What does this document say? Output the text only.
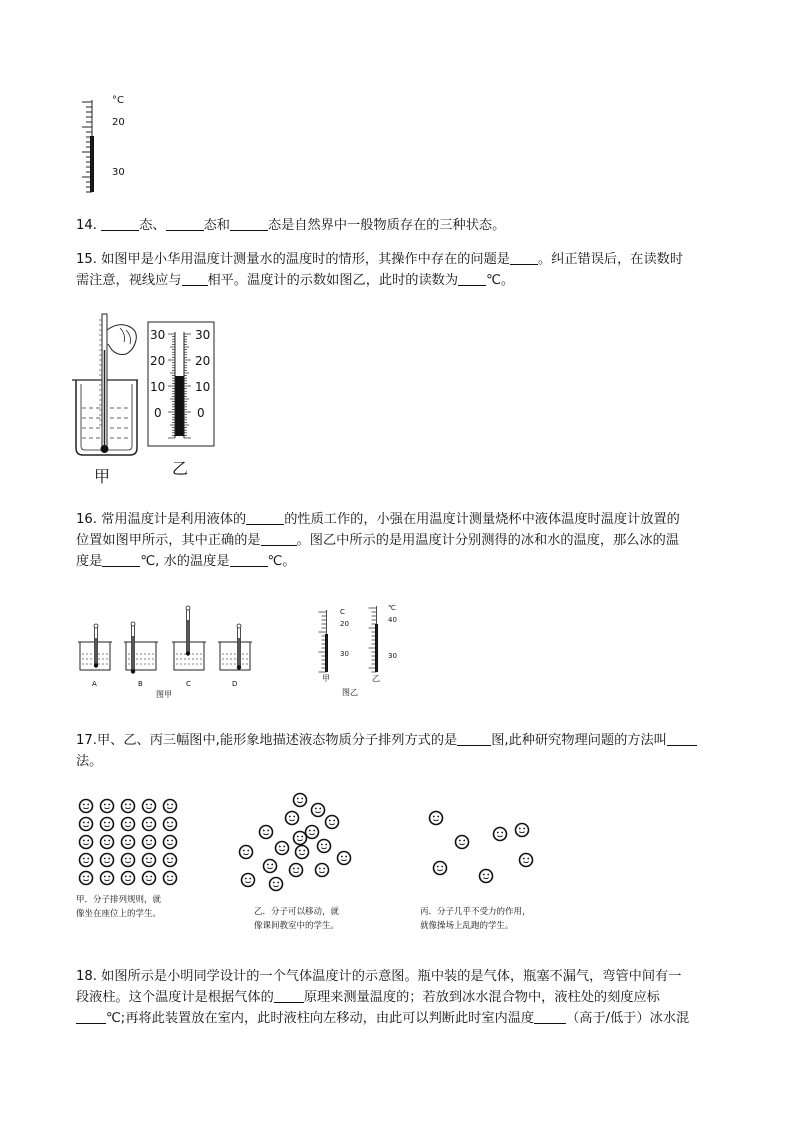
°C
20
30
14.	态、	态和	态是自然界中一般物质存在的三种状态。
15. 如图甲是小华用温度计测量水的温度时的情形，其操作中存在的问题是 。纠正错误后，在读数时
需注意，视线应与 相平。温度计的示数如图乙，此时的读数为 ℃。
30
20
10
0
30
20
10
0
甲	乙
16. 常用温度计是利用液体的	的性质工作的，小强在用温度计测量烧杯中液体温度时温度计放置的
位置如图甲所示，其中正确的是	。图乙中所示的是用温度计分别测得的冰和水的温度，那么冰的温
度是	℃, 水的温度是	℃。
A	B	C	D
图甲
C
20
30
℃
40
30
甲	乙
图乙
17.甲、乙、丙三幅图中,能形象地描述液态物质分子排列方式的是	图,此种研究物理问题的方法叫
法。
甲．分子排列规则，就
像坐在座位上的学生。	乙．分子可以移动，就
像课间教室中的学生。
丙．分子几乎不受力的作用，
就像操场上乱跑的学生。
18. 如图所示是小明同学设计的一个气体温度计的示意图。瓶中装的是气体，瓶塞不漏气，弯管中间有一
段液柱。这个温度计是根据气体的 原理来测量温度的；若放到冰水混合物中，液柱处的刻度应标
℃;再将此装置放在室内，此时液柱向左移动，由此可以判断此时室内温度 （高于/低于）冰水混
